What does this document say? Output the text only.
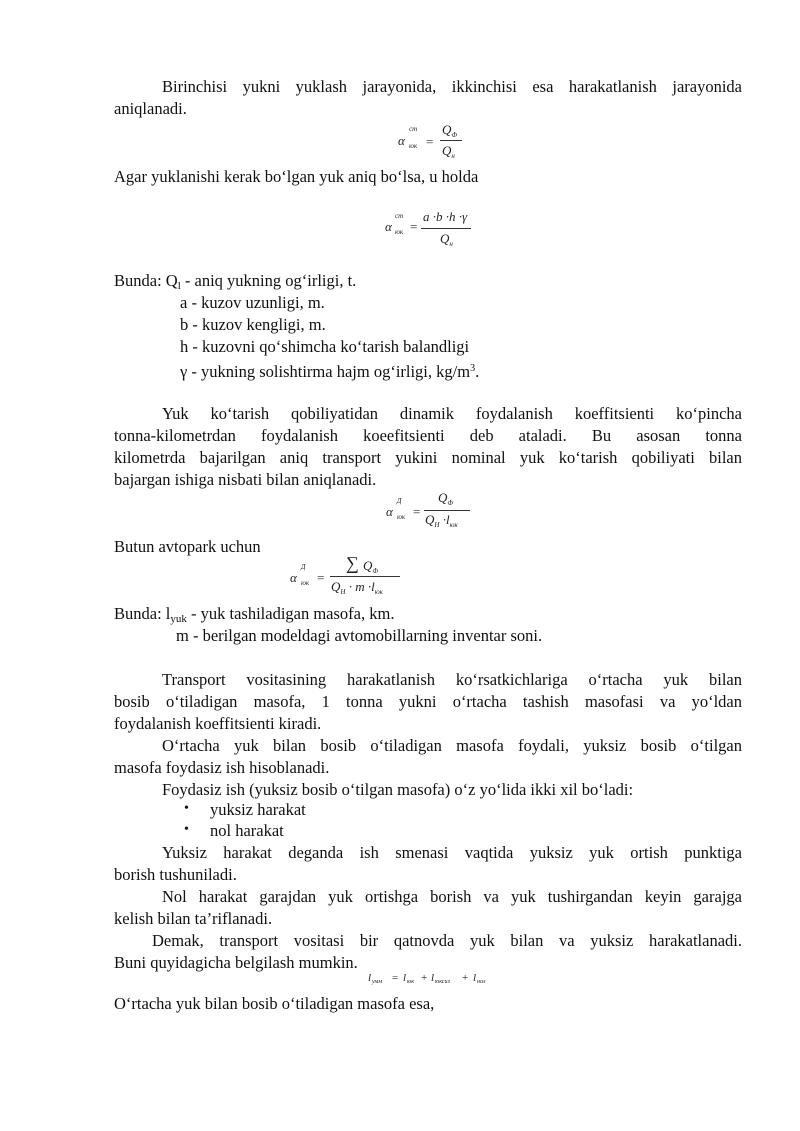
Birinchisi yukni yuklash jarayonida, ikkinchisi esa harakatlanish jarayonida
aniqlanadi.
α
ст
юк =
$Q_Ф$
$Q_н$
Agar yuklanishi kerak bo‘lgan yuk aniq bo‘lsa, u holda
α
ст
юк =
a ·b ·h ·γ
$Q_н$
Bunda: Ql - aniq yukning og‘irligi, t.
a - kuzov uzunligi, m.
b - kuzov kengligi, m.
h - kuzovni qo‘shimcha ko‘tarish balandligi
γ - yukning solishtirma hajm og‘irligi, $kg/m^3$.
Yuk ko‘tarish qobiliyatidan dinamik foydalanish koeffitsienti ko‘pincha
tonna-kilometrdan foydalanish koeefitsienti deb ataladi. Bu asosan tonna
kilometrda bajarilgan aniq transport yukini nominal yuk ko‘tarish qobiliyati bilan
bajargan ishiga nisbati bilan aniqlanadi.
α
Д
юк =
$Q_Ф$
$Q_Н \cdot l_{юк}$
Butun avtopark uchun
α
Д
юк =
∑ $Q_Ф$
$Q_Н \cdot m \cdot l_{юк}$
Bunda: lyuk - yuk tashiladigan masofa, km.
m - berilgan modeldagi avtomobillarning inventar soni.
Transport vositasining harakatlanish ko‘rsatkichlariga o‘rtacha yuk bilan
bosib o‘tiladigan masofa, 1 tonna yukni o‘rtacha tashish masofasi va yo‘ldan
foydalanish koeffitsienti kiradi.
O‘rtacha yuk bilan bosib o‘tiladigan masofa foydali, yuksiz bosib o‘tilgan
masofa foydasiz ish hisoblanadi.
Foydasiz ish (yuksiz bosib o‘tilgan masofa) o‘z yo‘lida ikki xil bo‘ladi:
• yuksiz harakat
• nol harakat
Yuksiz harakat deganda ish smenasi vaqtida yuksiz yuk ortish punktiga
borish tushuniladi.
Nol harakat garajdan yuk ortishga borish va yuk tushirgandan keyin garajga
kelish bilan ta’riflanadi.
Demak, transport vositasi bir qatnovda yuk bilan va yuksiz harakatlanadi.
Buni quyidagicha belgilash mumkin.
l умм = l юк + l юксиз + l нол
O‘rtacha yuk bilan bosib o‘tiladigan masofa esa,
